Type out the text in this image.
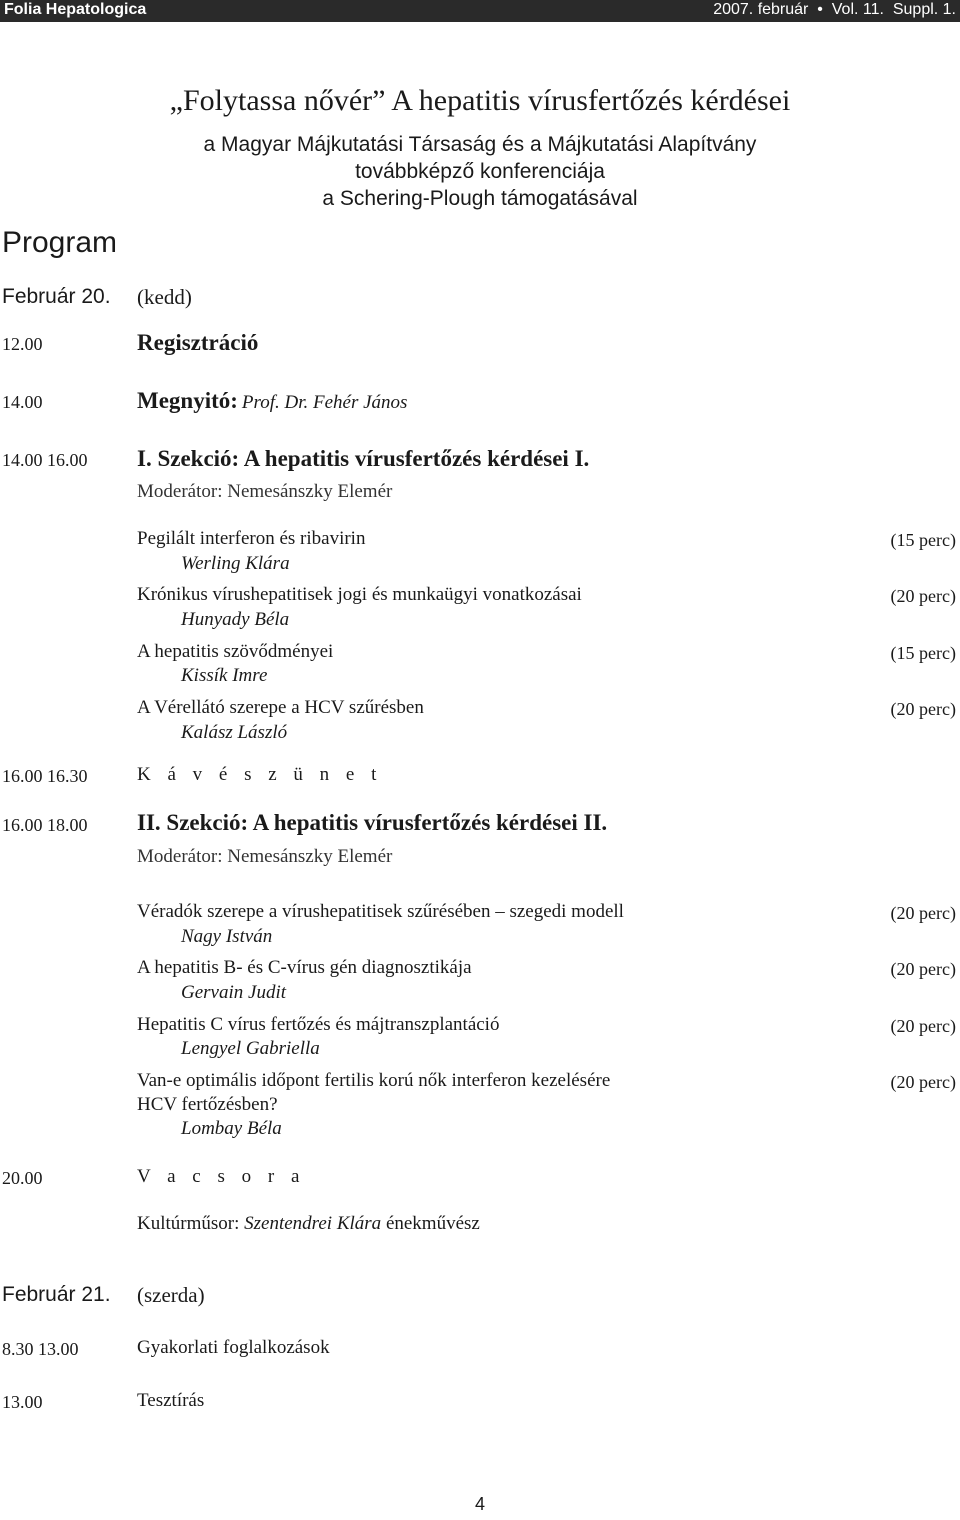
Folia Hepatologica	2007. február  •  Vol. 11.  Suppl. 1.
„Folytassa nővér” A hepatitis vírusfertőzés kérdései
a Magyar Májkutatási Társaság és a Májkutatási Alapítvány
továbbképző konferenciája
a Schering-Plough támogatásával
Program
Február 20. (kedd)
12.00	Regisztráció
14.00	Megnyitó: Prof. Dr. Fehér János
14.00 16.00 I. Szekció: A hepatitis vírusfertőzés kérdései I.
Moderátor: Nemesánszky Elemér
Pegilált interferon és ribavirin	(15 perc)
Werling Klára
Krónikus vírushepatitisek jogi és munkaügyi vonatkozásai	(20 perc)
Hunyady Béla
A hepatitis szövődményei	(15 perc)
Kissík Imre
A Vérellátó szerepe a HCV szűrésben	(20 perc)
Kalász László
16.00 16.30	K á v é s z ü n e t
16.00 18.00 II. Szekció: A hepatitis vírusfertőzés kérdései II.
Moderátor: Nemesánszky Elemér
Véradók szerepe a vírushepatitisek szűrésében – szegedi modell	(20 perc)
Nagy István
A hepatitis B- és C-vírus gén diagnosztikája	(20 perc)
Gervain Judit
Hepatitis C vírus fertőzés és májtranszplantáció	(20 perc)
Lengyel Gabriella
Van-e optimális időpont fertilis korú nők interferon kezelésére	(20 perc)
HCV fertőzésben?
Lombay Béla
20.00	V a c s o r a
Kultúrműsor: Szentendrei Klára énekművész
Február 21. (szerda)
8.30 13.00	Gyakorlati foglalkozások
13.00	Tesztírás
4
